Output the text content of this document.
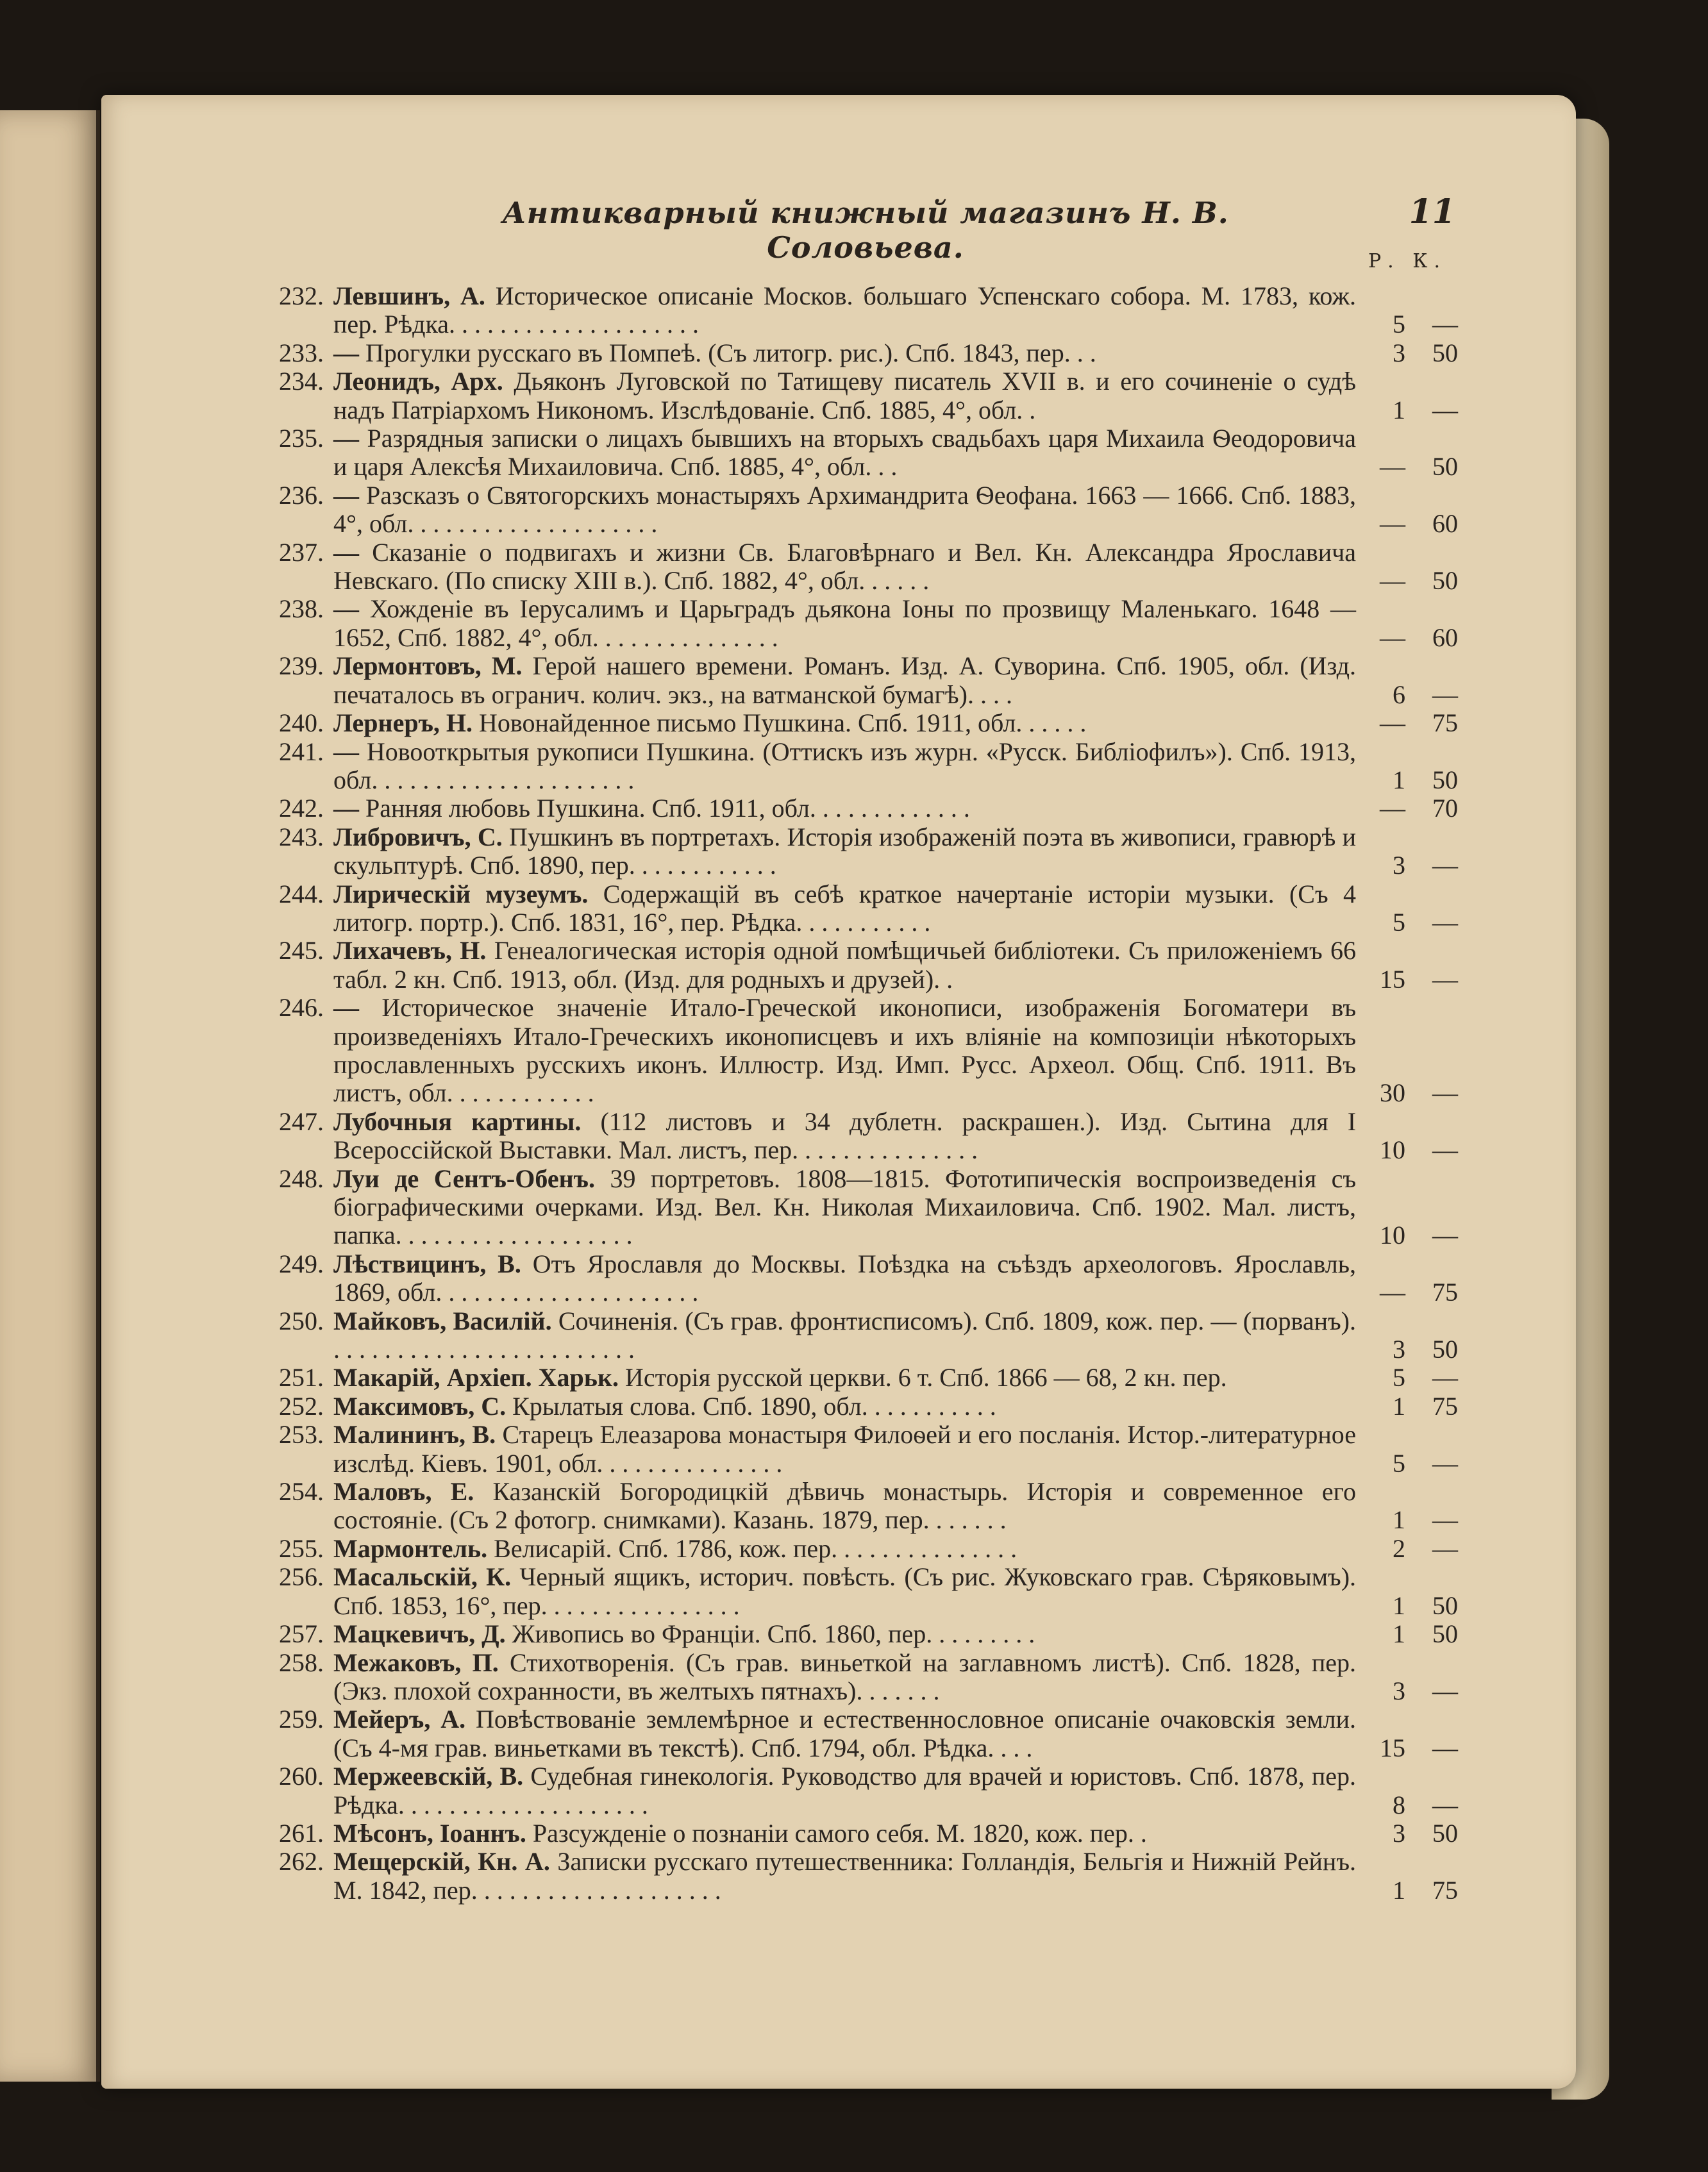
Антикварный книжный магазинъ Н. В. Соловьева.
11
Р. К.
232. Левшинъ, А. Историческое описаніе Москов. большаго Успенскаго собора. М. 1783, кож. пер. Рѣдка. . . . . . . . . . . . . . . . . . . .	5 —
233. — Прогулки русскаго въ Помпеѣ. (Съ литогр. рис.). Спб. 1843, пер. . .	3 50
234. Леонидъ, Арх. Дьяконъ Луговской по Татищеву писатель XVII в. и его сочиненіе о судѣ надъ Патріархомъ Никономъ. Изслѣдованіе. Спб. 1885, 4°, обл. .	1 —
235. — Разрядныя записки о лицахъ бывшихъ на вторыхъ свадьбахъ царя Михаила Ѳеодоровича и царя Алексѣя Михаиловича. Спб. 1885, 4°, обл. . .	— 50
236. — Разсказъ о Святогорскихъ монастыряхъ Архимандрита Ѳеофана. 1663 — 1666. Спб. 1883, 4°, обл. . . . . . . . . . . . . . . . . . . .	— 60
237. — Сказаніе о подвигахъ и жизни Св. Благовѣрнаго и Вел. Кн. Александра Ярославича Невскаго. (По списку XIII в.). Спб. 1882, 4°, обл. . . . . .	— 50
238. — Хожденіе въ Іерусалимъ и Царьградъ дьякона Іоны по прозвищу Маленькаго. 1648 — 1652, Спб. 1882, 4°, обл. . . . . . . . . . . . . . .	— 60
239. Лермонтовъ, М. Герой нашего времени. Романъ. Изд. А. Суворина. Спб. 1905, обл. (Изд. печаталось въ огранич. колич. экз., на ватманской бумагѣ). . . .	6 —
240. Лернеръ, Н. Новонайденное письмо Пушкина. Спб. 1911, обл. . . . . .	— 75
241. — Новооткрытыя рукописи Пушкина. (Оттискъ изъ журн. «Русск. Библіофилъ»). Спб. 1913, обл. . . . . . . . . . . . . . . . . . . . .	1 50
242. — Ранняя любовь Пушкина. Спб. 1911, обл. . . . . . . . . . . . .	— 70
243. Либровичъ, С. Пушкинъ въ портретахъ. Исторія изображеній поэта въ живописи, гравюрѣ и скульптурѣ. Спб. 1890, пер. . . . . . . . . . . .	3 —
244. Лирическій музеумъ. Содержащій въ себѣ краткое начертаніе исторіи музыки. (Съ 4 литогр. портр.). Спб. 1831, 16°, пер. Рѣдка. . . . . . . . . . .	5 —
245. Лихачевъ, Н. Генеалогическая исторія одной помѣщичьей библіотеки. Съ приложеніемъ 66 табл. 2 кн. Спб. 1913, обл. (Изд. для родныхъ и друзей). .	15 —
246. — Историческое значеніе Итало-Греческой иконописи, изображенія Богоматери въ произведеніяхъ Итало-Греческихъ иконописцевъ и ихъ вліяніе на композиціи нѣкоторыхъ прославленныхъ русскихъ иконъ. Иллюстр. Изд. Имп. Русс. Археол. Общ. Спб. 1911. Въ листъ, обл. . . . . . . . . . . .	30 —
247. Лубочныя картины. (112 листовъ и 34 дублетн. раскрашен.). Изд. Сытина для I Всероссійской Выставки. Мал. листъ, пер. . . . . . . . . . . . . . .	10 —
248. Луи де Сентъ-Обенъ. 39 портретовъ. 1808—1815. Фототипическія воспроизведенія съ біографическими очерками. Изд. Вел. Кн. Николая Михаиловича. Спб. 1902. Мал. листъ, папка. . . . . . . . . . . . . . . . . . .	10 —
249. Лѣствицинъ, В. Отъ Ярославля до Москвы. Поѣздка на съѣздъ археологовъ. Ярославль, 1869, обл. . . . . . . . . . . . . . . . . . . . .	— 75
250. Майковъ, Василій. Сочиненія. (Съ грав. фронтисписомъ). Спб. 1809, кож. пер. — (порванъ). . . . . . . . . . . . . . . . . . . . . . . . .	3 50
251. Макарій, Архіеп. Харьк. Исторія русской церкви. 6 т. Спб. 1866 — 68, 2 кн. пер.	5 —
252. Максимовъ, С. Крылатыя слова. Спб. 1890, обл. . . . . . . . . . .	1 75
253. Малининъ, В. Старецъ Елеазарова монастыря Филоѳей и его посланія. Истор.-литературное изслѣд. Кіевъ. 1901, обл. . . . . . . . . . . . . . .	5 —
254. Маловъ, Е. Казанскій Богородицкій дѣвичь монастырь. Исторія и современное его состояніе. (Съ 2 фотогр. снимками). Казань. 1879, пер. . . . . . .	1 —
255. Мармонтель. Велисарій. Спб. 1786, кож. пер. . . . . . . . . . . . . . .	2 —
256. Масальскій, К. Черный ящикъ, историч. повѣсть. (Съ рис. Жуковскаго грав. Сѣряковымъ). Спб. 1853, 16°, пер. . . . . . . . . . . . . . . .	1 50
257. Мацкевичъ, Д. Живопись во Франціи. Спб. 1860, пер. . . . . . . . .	1 50
258. Межаковъ, П. Стихотворенія. (Съ грав. виньеткой на заглавномъ листѣ). Спб. 1828, пер. (Экз. плохой сохранности, въ желтыхъ пятнахъ). . . . . . .	3 —
259. Мейеръ, А. Повѣствованіе землемѣрное и естественнословное описаніе очаковскія земли. (Съ 4-мя грав. виньетками въ текстѣ). Спб. 1794, обл. Рѣдка. . . .	15 —
260. Мержеевскій, В. Судебная гинекологія. Руководство для врачей и юристовъ. Спб. 1878, пер. Рѣдка. . . . . . . . . . . . . . . . . . . .	8 —
261. Мѣсонъ, Іоаннъ. Разсужденіе о познаніи самого себя. М. 1820, кож. пер. .	3 50
262. Мещерскій, Кн. А. Записки русскаго путешественника: Голландія, Бельгія и Нижній Рейнъ. М. 1842, пер. . . . . . . . . . . . . . . . . . . .	1 75
